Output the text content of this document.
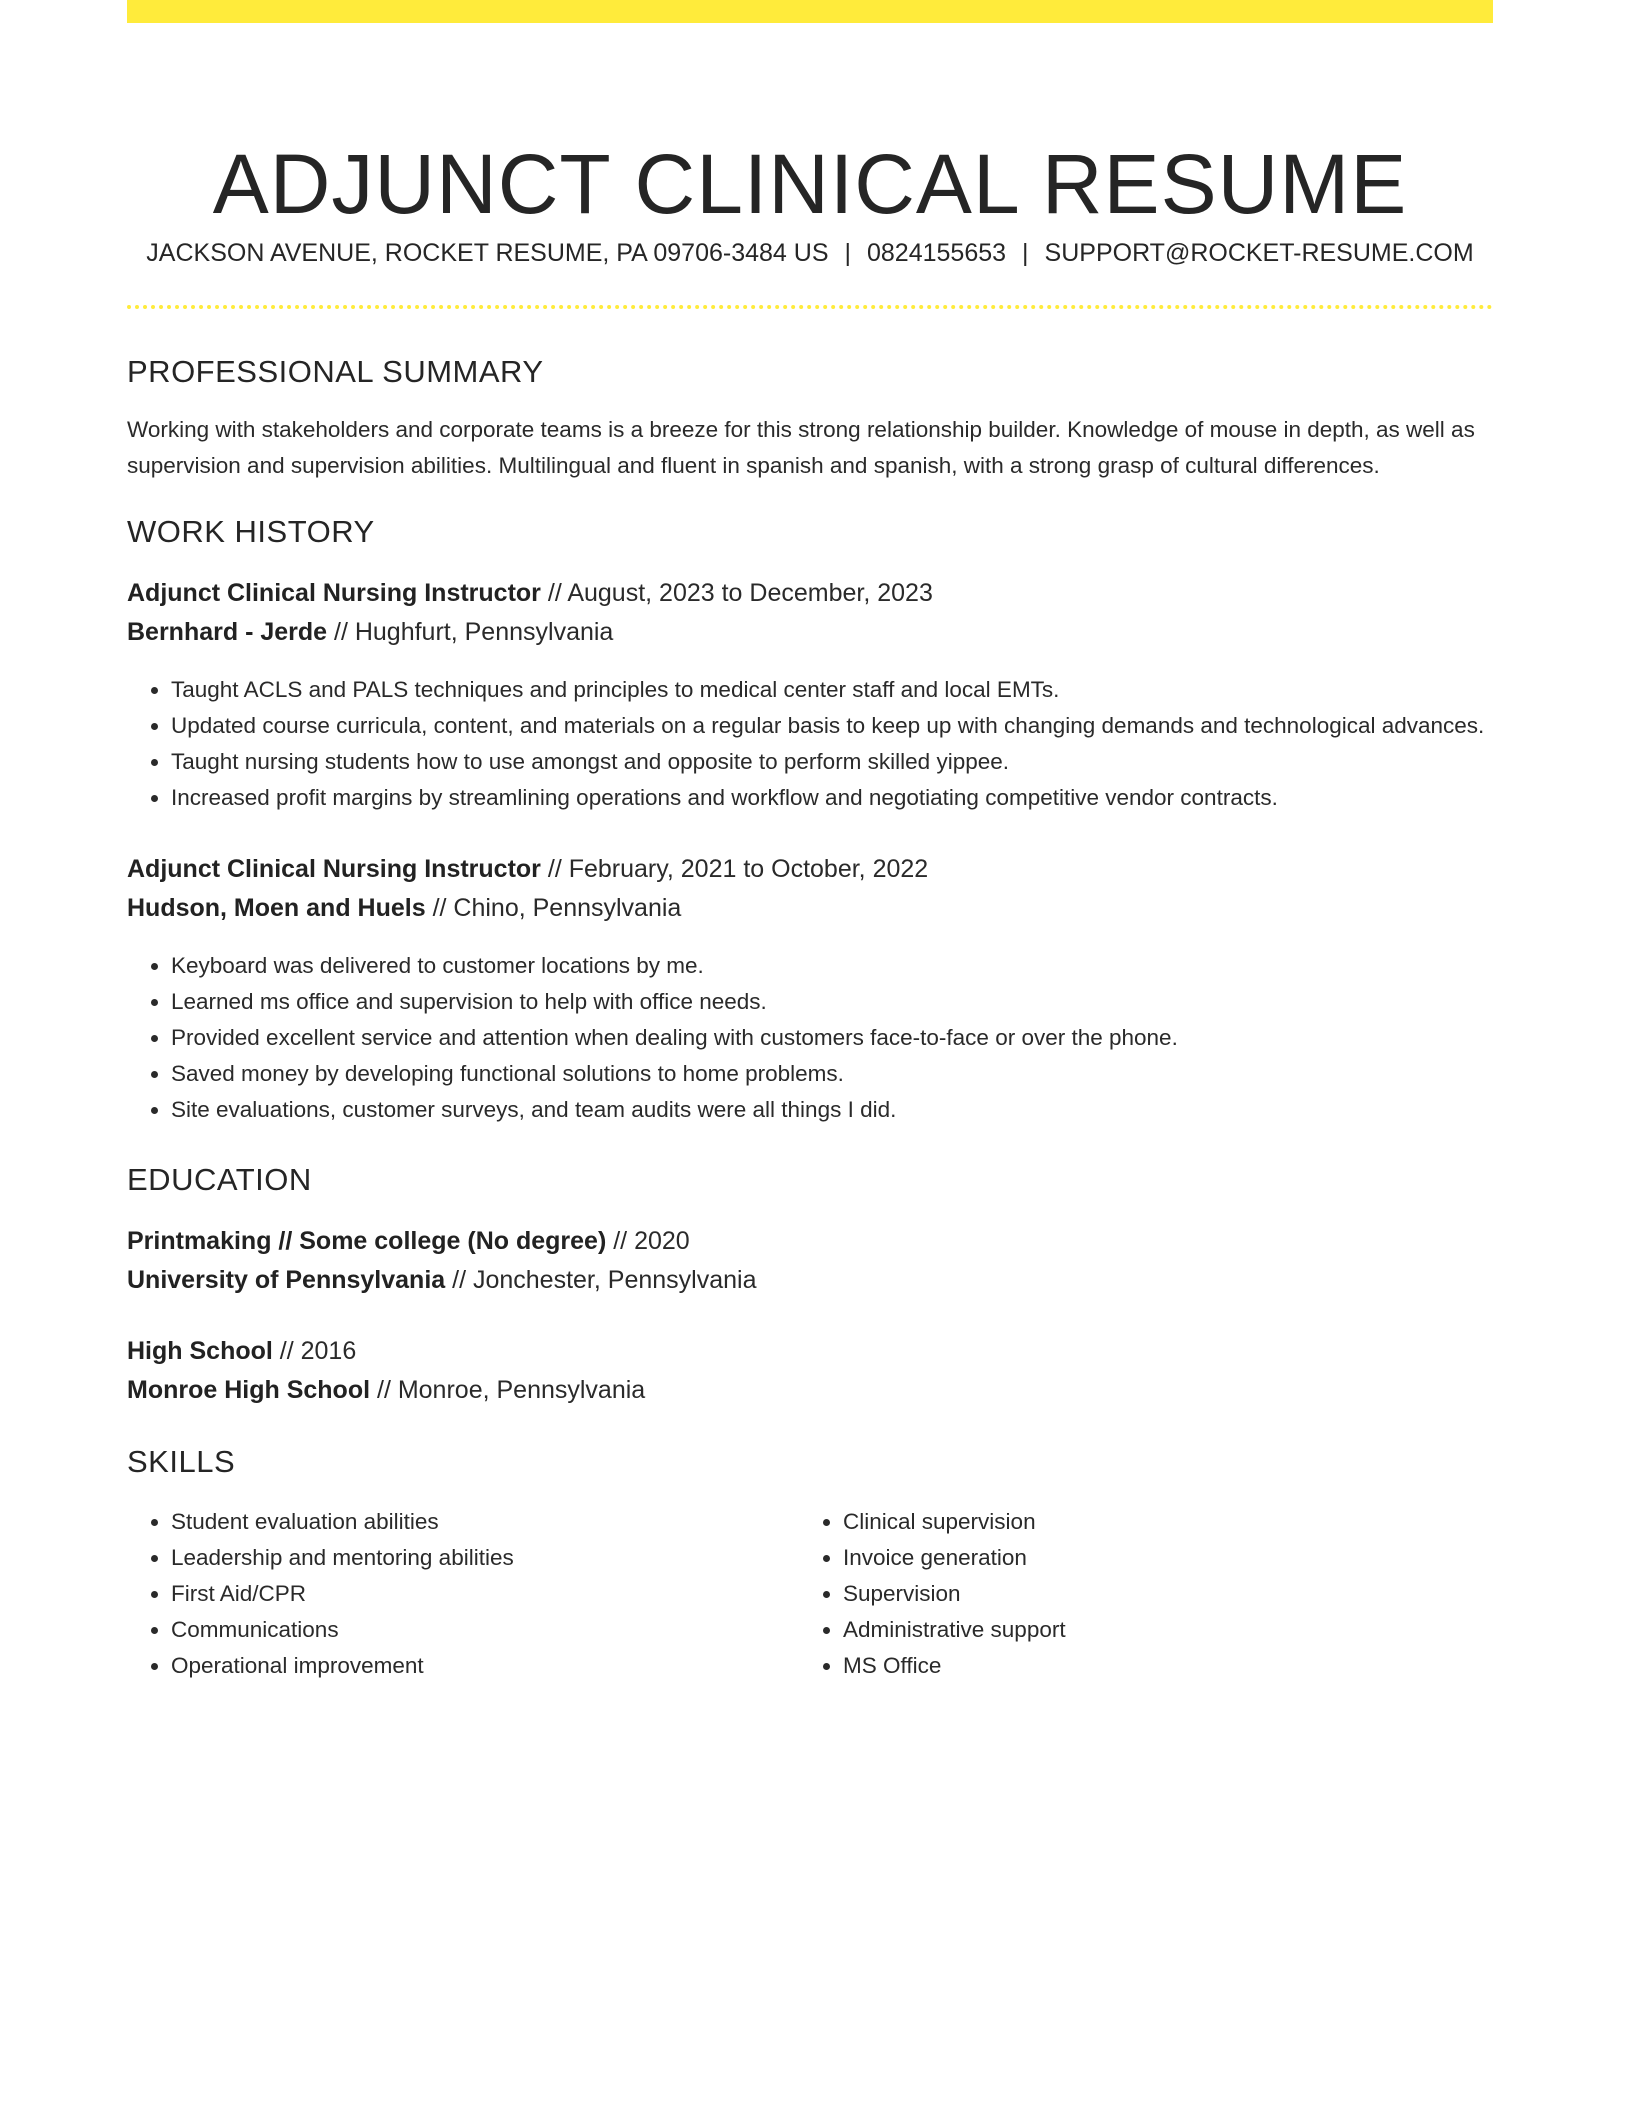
ADJUNCT CLINICAL RESUME
JACKSON AVENUE, ROCKET RESUME, PA 09706-3484 US | 0824155653 | SUPPORT@ROCKET-RESUME.COM
PROFESSIONAL SUMMARY

Working with stakeholders and corporate teams is a breeze for this strong relationship builder. Knowledge of mouse in depth, as well as supervision and supervision abilities. Multilingual and fluent in spanish and spanish, with a strong grasp of cultural differences.

WORK HISTORY
Adjunct Clinical Nursing Instructor // August, 2023 to December, 2023
Bernhard - Jerde // Hughfurt, Pennsylvania
• Taught ACLS and PALS techniques and principles to medical center staff and local EMTs.
• Updated course curricula, content, and materials on a regular basis to keep up with changing demands and technological advances.
• Taught nursing students how to use amongst and opposite to perform skilled yippee.
• Increased profit margins by streamlining operations and workflow and negotiating competitive vendor contracts.
Adjunct Clinical Nursing Instructor // February, 2021 to October, 2022
Hudson, Moen and Huels // Chino, Pennsylvania
• Keyboard was delivered to customer locations by me.
• Learned ms office and supervision to help with office needs.
• Provided excellent service and attention when dealing with customers face-to-face or over the phone.
• Saved money by developing functional solutions to home problems.
• Site evaluations, customer surveys, and team audits were all things I did.
EDUCATION
Printmaking // Some college (No degree) // 2020
University of Pennsylvania // Jonchester, Pennsylvania
High School // 2016
Monroe High School // Monroe, Pennsylvania
SKILLS
• Student evaluation abilities
• Leadership and mentoring abilities
• First Aid/CPR
• Communications
• Operational improvement
• Clinical supervision
• Invoice generation
• Supervision
• Administrative support
• MS Office
